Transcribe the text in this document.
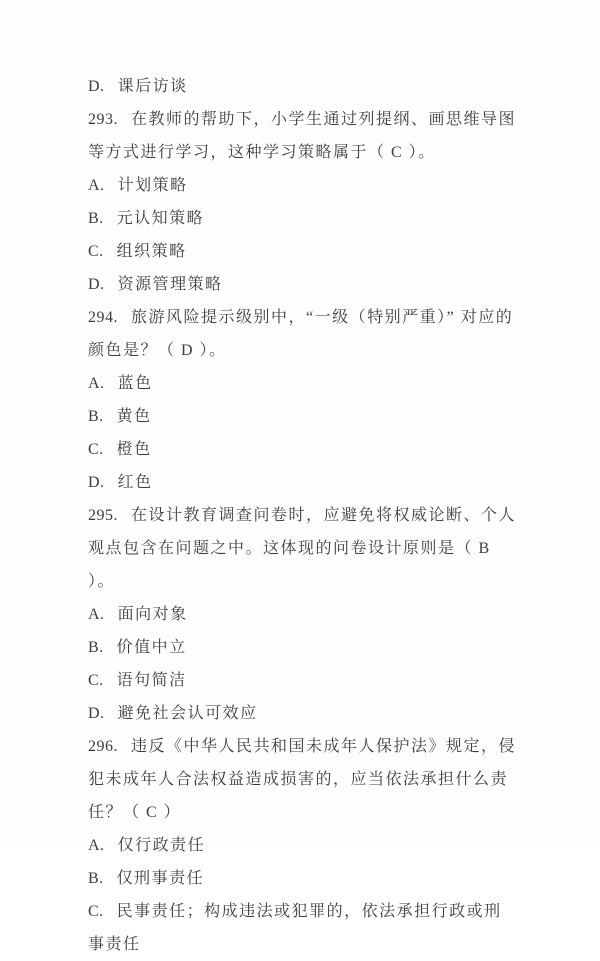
D. 课后访谈

293. 在教师的帮助下，小学生通过列提纲、画思维导图等方式进行学习，这种学习策略属于（ C ）。

A. 计划策略

B. 元认知策略

C. 组织策略

D. 资源管理策略

294. 旅游风险提示级别中，“一级（特别严重）” 对应的颜色是？（ D ）。

A. 蓝色

B. 黄色

C. 橙色

D. 红色

295. 在设计教育调查问卷时，应避免将权威论断、个人观点包含在问题之中。这体现的问卷设计原则是（ B ）。

A. 面向对象

B. 价值中立

C. 语句简洁

D. 避免社会认可效应

296. 违反《中华人民共和国未成年人保护法》规定，侵犯未成年人合法权益造成损害的，应当依法承担什么责任？（ C ）

A. 仅行政责任

B. 仅刑事责任

C. 民事责任；构成违法或犯罪的，依法承担行政或刑事责任
